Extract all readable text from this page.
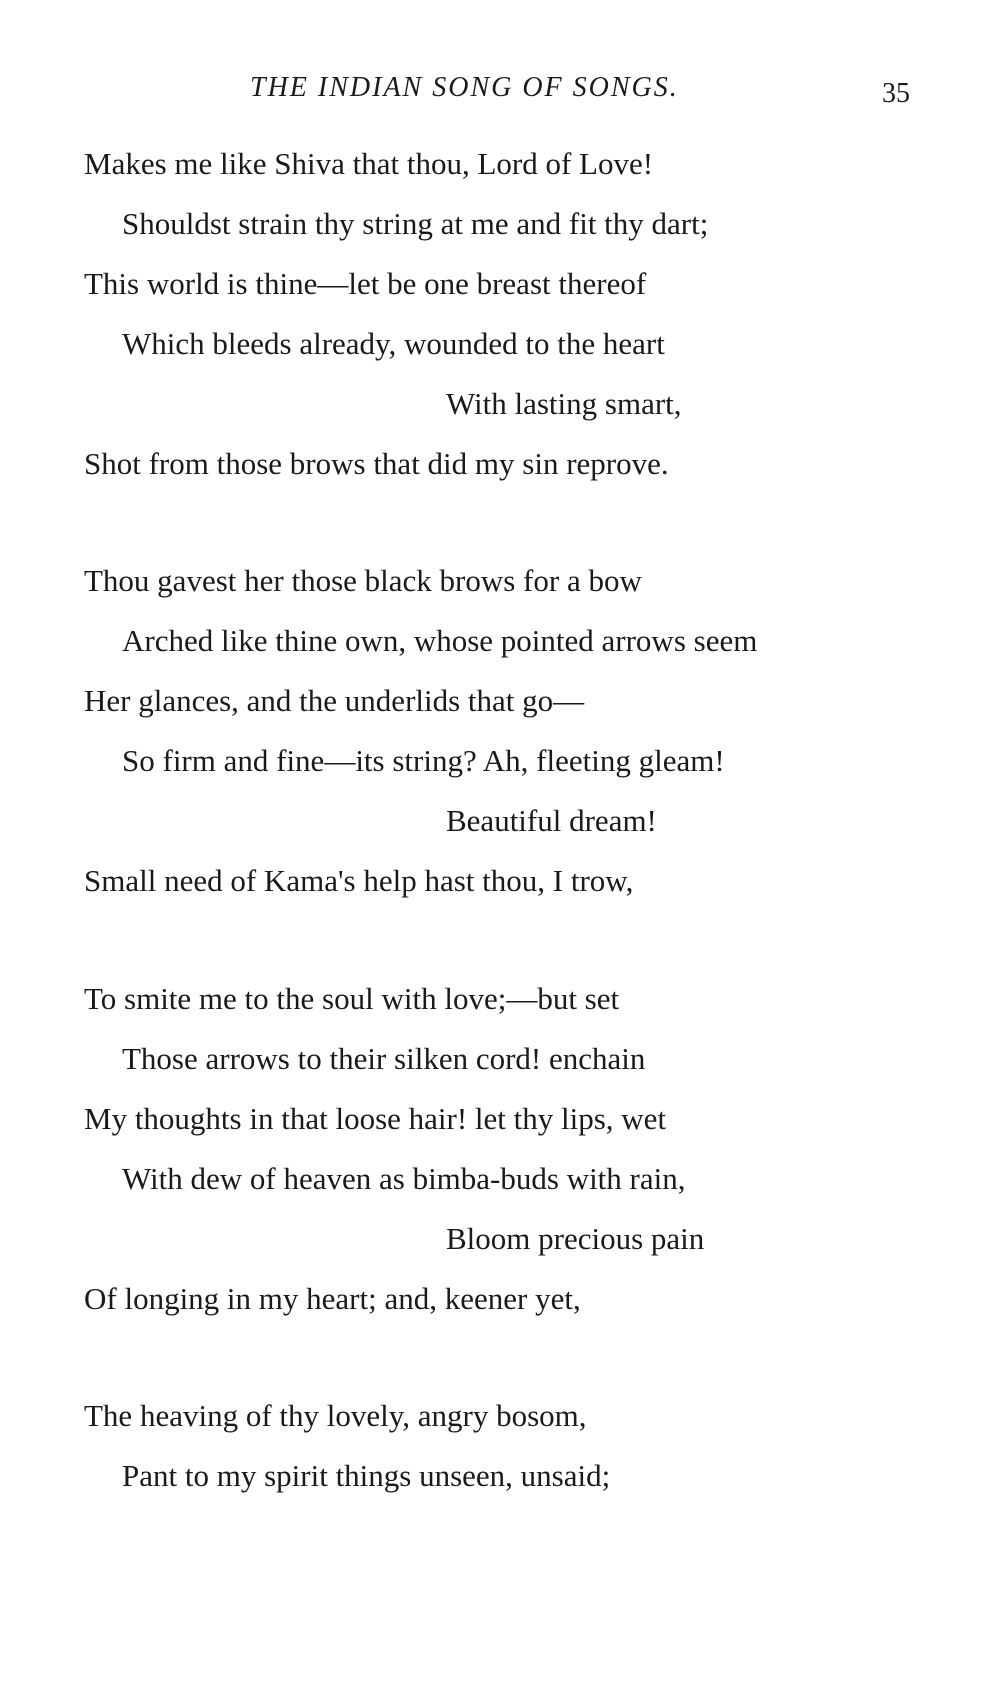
THE INDIAN SONG OF SONGS.	35
Makes me like Shiva that thou, Lord of Love!
Shouldst strain thy string at me and fit thy dart;
This world is thine—let be one breast thereof
Which bleeds already, wounded to the heart
With lasting smart,
Shot from those brows that did my sin reprove.
Thou gavest her those black brows for a bow
Arched like thine own, whose pointed arrows seem
Her glances, and the underlids that go—
So firm and fine—its string? Ah, fleeting gleam!
Beautiful dream!
Small need of Kama's help hast thou, I trow,
To smite me to the soul with love;—but set
Those arrows to their silken cord! enchain
My thoughts in that loose hair! let thy lips, wet
With dew of heaven as bimba-buds with rain,
Bloom precious pain
Of longing in my heart; and, keener yet,
The heaving of thy lovely, angry bosom,
Pant to my spirit things unseen, unsaid;
